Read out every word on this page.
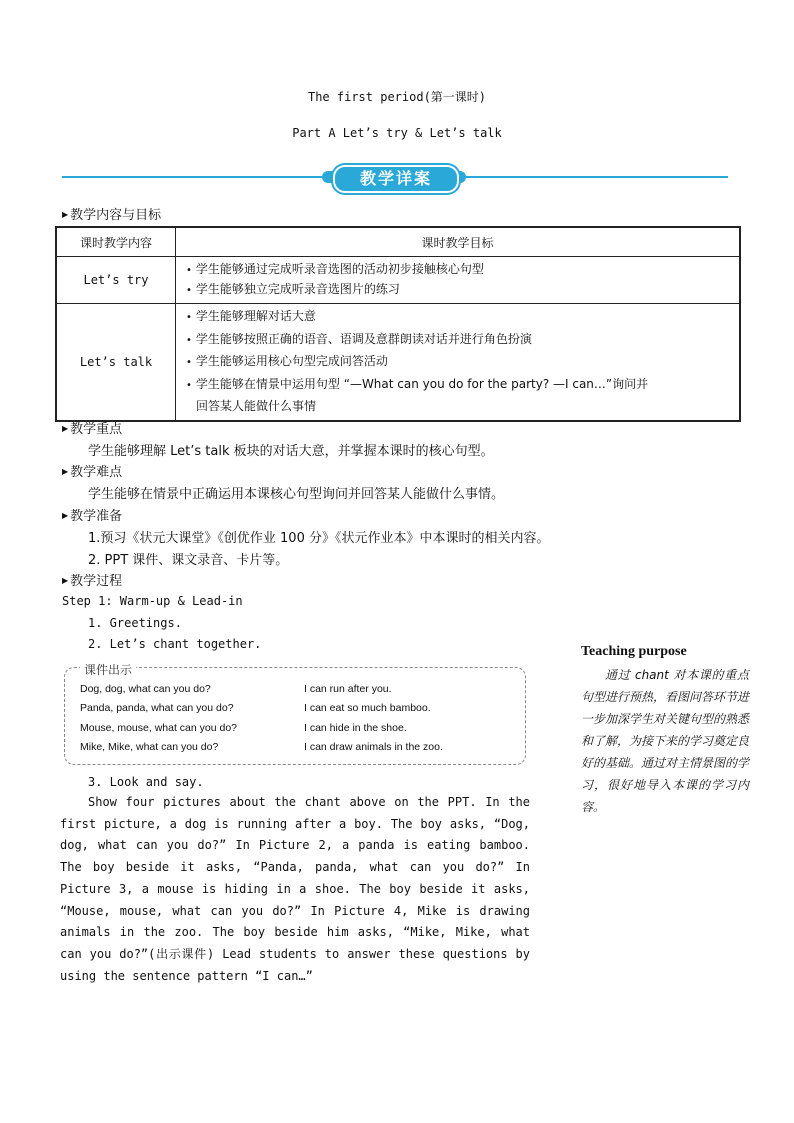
The first period(第一课时)
Part A Let’s try & Let’s talk
教学详案
▶ 教学内容与目标
课时教学内容	课时教学目标
Let’s try	• 学生能够通过完成听录音选图的活动初步接触核心句型
• 学生能够独立完成听录音选图片的练习

Let’s talk	• 学生能够理解对话大意
• 学生能够按照正确的语音、语调及意群朗读对话并进行角色扮演
• 学生能够运用核心句型完成问答活动
• 学生能够在情景中运用句型 “—What can you do for the party? —I can…”询问并
回答某人能做什么事情
▶ 教学重点
学生能够理解 Let’s talk 板块的对话大意，并掌握本课时的核心句型。
▶ 教学难点
学生能够在情景中正确运用本课核心句型询问并回答某人能做什么事情。
▶ 教学准备
1.预习《状元大课堂》《创优作业 100 分》《状元作业本》中本课时的相关内容。
2. PPT 课件、课文录音、卡片等。
▶ 教学过程
Step 1: Warm-up & Lead-in
1. Greetings.
2. Let’s chant together.
课件出示
Dog, dog, what can you do?	I can run after you.
Panda, panda, what can you do?	I can eat so much bamboo.
Mouse, mouse, what can you do?	I can hide in the shoe.
Mike, Mike, what can you do?	I can draw animals in the zoo.
3. Look and say.

Show four pictures about the chant above on the PPT. In the first picture, a dog is running after a boy. The boy asks, “Dog, dog, what can you do?” In Picture 2, a panda is eating bamboo. The boy beside it asks, “Panda, panda, what can you do?” In Picture 3, a mouse is hiding in a shoe. The boy beside it asks, “Mouse, mouse, what can you do?” In Picture 4, Mike is drawing animals in the zoo. The boy beside him asks, “Mike, Mike, what can you do?”(出示课件) Lead students to answer these questions by using the sentence pattern “I can…”

Teaching purpose

通过 chant 对本课的重点句型进行预热，看图问答环节进一步加深学生对关键句型的熟悉和了解，为接下来的学习奠定良好的基础。通过对主情景图的学习，很好地导入本课的学习内容。
